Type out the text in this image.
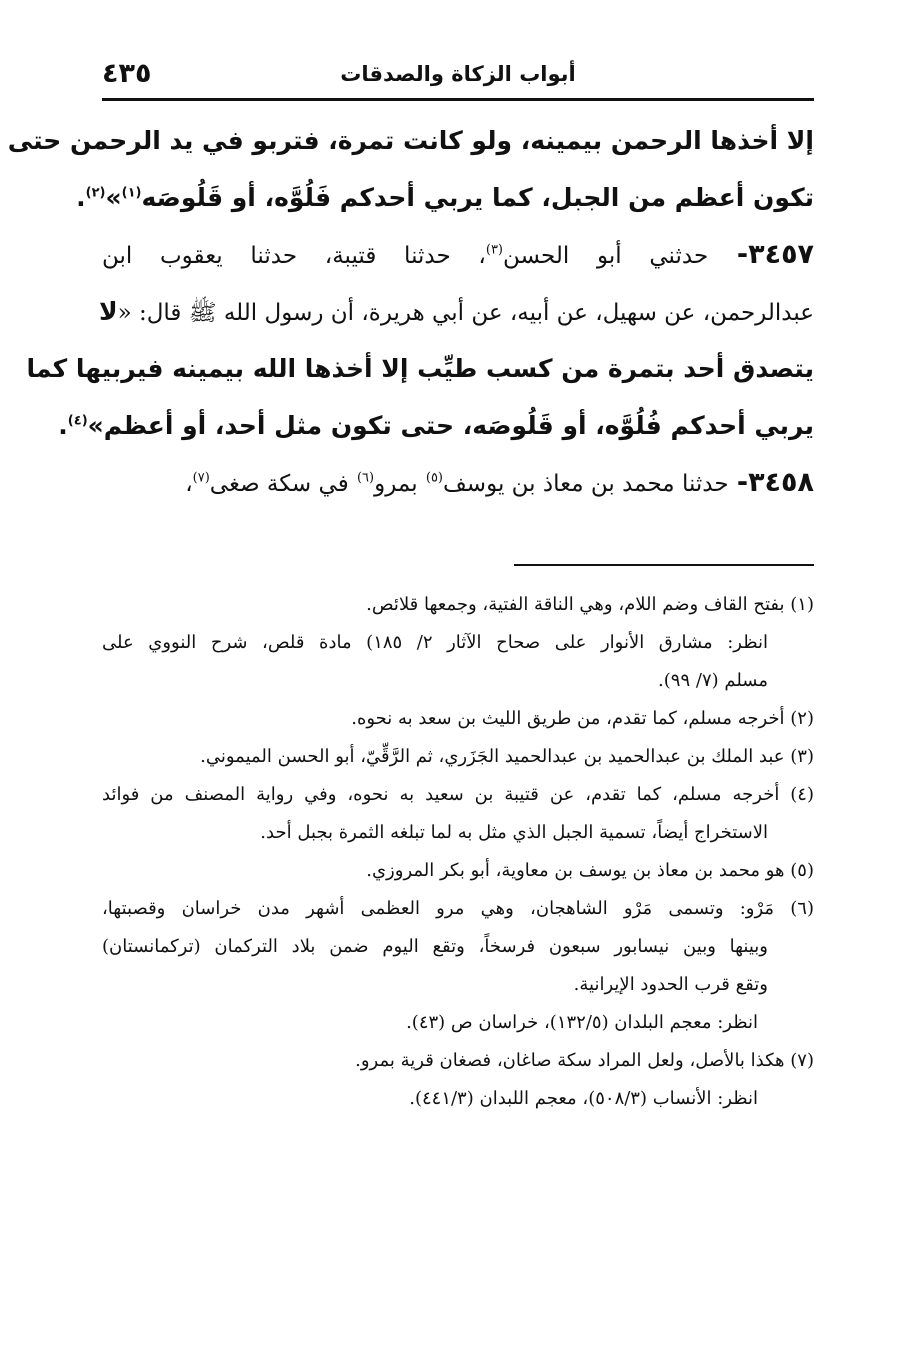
أبواب الزكاة والصدقات
٤٣٥
إلا أخذها الرحمن بيمينه، ولو كانت تمرة، فتربو في يد الرحمن حتى
تكون أعظم من الجبل، كما يربي أحدكم فَلُوَّه، أو قَلُوصَه$^{(١)}$»$^{(٢)}$.
٣٤٥٧- حدثني أبو الحسن$^{(٣)}$، حدثنا قتيبة، حدثنا يعقوب ابن
عبدالرحمن، عن سهيل، عن أبيه، عن أبي هريرة، أن رسول الله ﷺ قال: «لا
يتصدق أحد بتمرة من كسب طيِّب إلا أخذها الله بيمينه فيربيها كما
يربي أحدكم فُلُوَّه، أو قَلُوصَه، حتى تكون مثل أحد، أو أعظم»$^{(٤)}$.
٣٤٥٨- حدثنا محمد بن معاذ بن يوسف$^{(٥)}$ بمرو$^{(٦)}$ في سكة صغى$^{(٧)}$،
(١) بفتح القاف وضم اللام، وهي الناقة الفتية، وجمعها قلائص.
انظر: مشارق الأنوار على صحاح الآثار ٢/ ١٨٥) مادة قلص، شرح النووي على
مسلم (٧/ ٩٩).
(٢) أخرجه مسلم، كما تقدم، من طريق الليث بن سعد به نحوه.
(٣) عبد الملك بن عبدالحميد بن عبدالحميد الجَزَري، ثم الرَّقِّيّ، أبو الحسن الميموني.
(٤) أخرجه مسلم، كما تقدم، عن قتيبة بن سعيد به نحوه، وفي رواية المصنف من فوائد
الاستخراج أيضاً، تسمية الجبل الذي مثل به لما تبلغه الثمرة بجبل أحد.
(٥) هو محمد بن معاذ بن يوسف بن معاوية، أبو بكر المروزي.
(٦) مَرْو: وتسمى مَرْو الشاهجان، وهي مرو العظمى أشهر مدن خراسان وقصبتها،
وبينها وبين نيسابور سبعون فرسخاً، وتقع اليوم ضمن بلاد التركمان (تركمانستان)
وتقع قرب الحدود الإيرانية.
انظر: معجم البلدان (١٣٢/٥)، خراسان ص (٤٣).
(٧) هكذا بالأصل، ولعل المراد سكة صاغان، فصغان قرية بمرو.
انظر: الأنساب (٥٠٨/٣)، معجم اللبدان (٤٤١/٣).
